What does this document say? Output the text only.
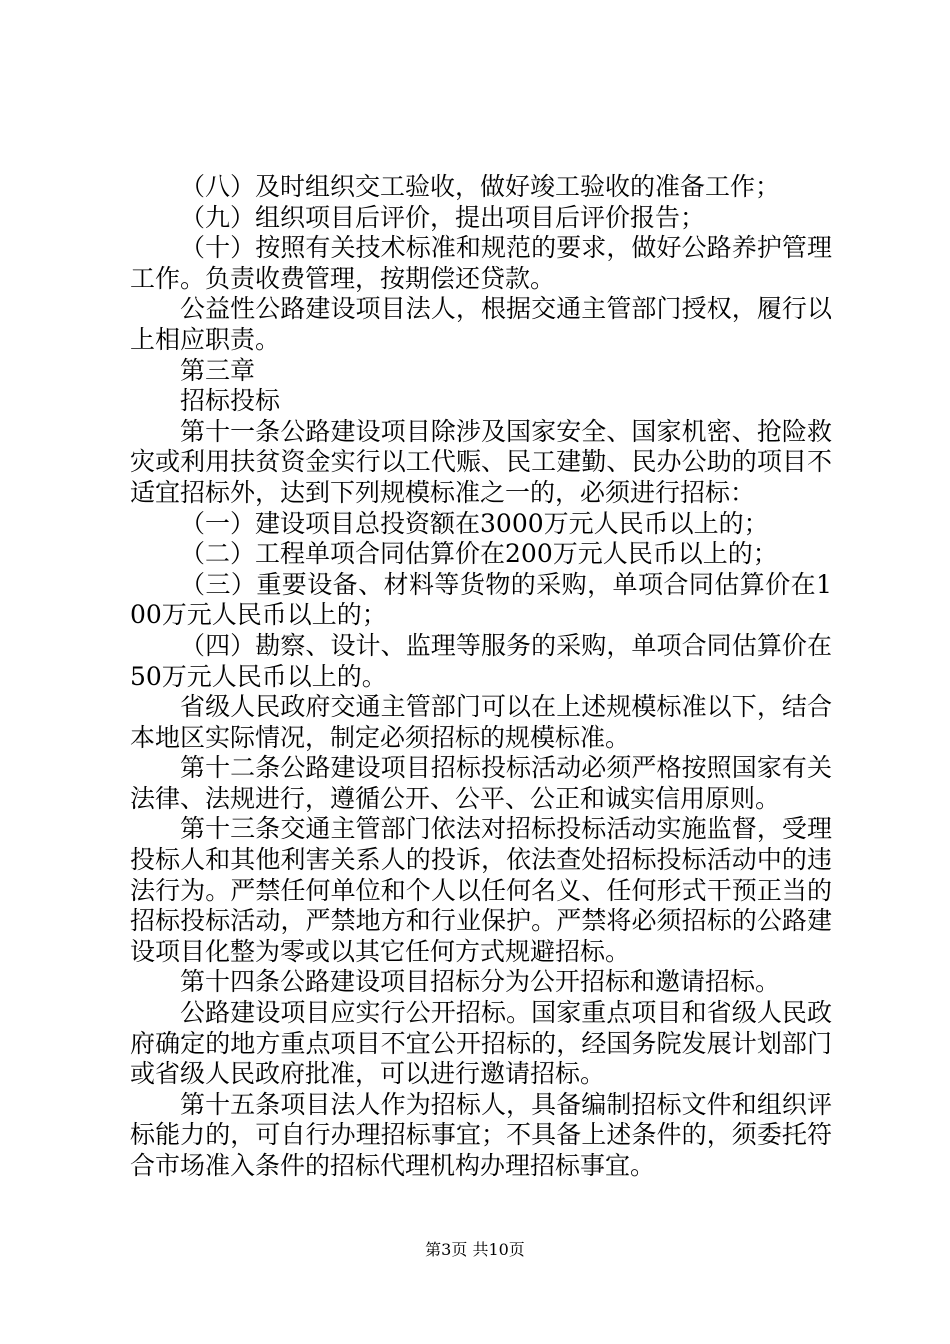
（八）及时组织交工验收，做好竣工验收的准备工作；

（九）组织项目后评价，提出项目后评价报告；

（十）按照有关技术标准和规范的要求，做好公路养护管理工作。负责收费管理，按期偿还贷款。

公益性公路建设项目法人，根据交通主管部门授权，履行以上相应职责。

第三章

招标投标

第十一条公路建设项目除涉及国家安全、国家机密、抢险救灾或利用扶贫资金实行以工代赈、民工建勤、民办公助的项目不适宜招标外，达到下列规模标准之一的，必须进行招标：

（一）建设项目总投资额在3000万元人民币以上的；

（二）工程单项合同估算价在200万元人民币以上的；

（三）重要设备、材料等货物的采购，单项合同估算价在100万元人民币以上的；

（四）勘察、设计、监理等服务的采购，单项合同估算价在50万元人民币以上的。

省级人民政府交通主管部门可以在上述规模标准以下，结合本地区实际情况，制定必须招标的规模标准。

第十二条公路建设项目招标投标活动必须严格按照国家有关法律、法规进行，遵循公开、公平、公正和诚实信用原则。

第十三条交通主管部门依法对招标投标活动实施监督，受理投标人和其他利害关系人的投诉，依法查处招标投标活动中的违法行为。严禁任何单位和个人以任何名义、任何形式干预正当的招标投标活动，严禁地方和行业保护。严禁将必须招标的公路建设项目化整为零或以其它任何方式规避招标。

第十四条公路建设项目招标分为公开招标和邀请招标。

公路建设项目应实行公开招标。国家重点项目和省级人民政府确定的地方重点项目不宜公开招标的，经国务院发展计划部门或省级人民政府批准，可以进行邀请招标。

第十五条项目法人作为招标人，具备编制招标文件和组织评标能力的，可自行办理招标事宜；不具备上述条件的，须委托符合市场准入条件的招标代理机构办理招标事宜。

第3页 共10页
